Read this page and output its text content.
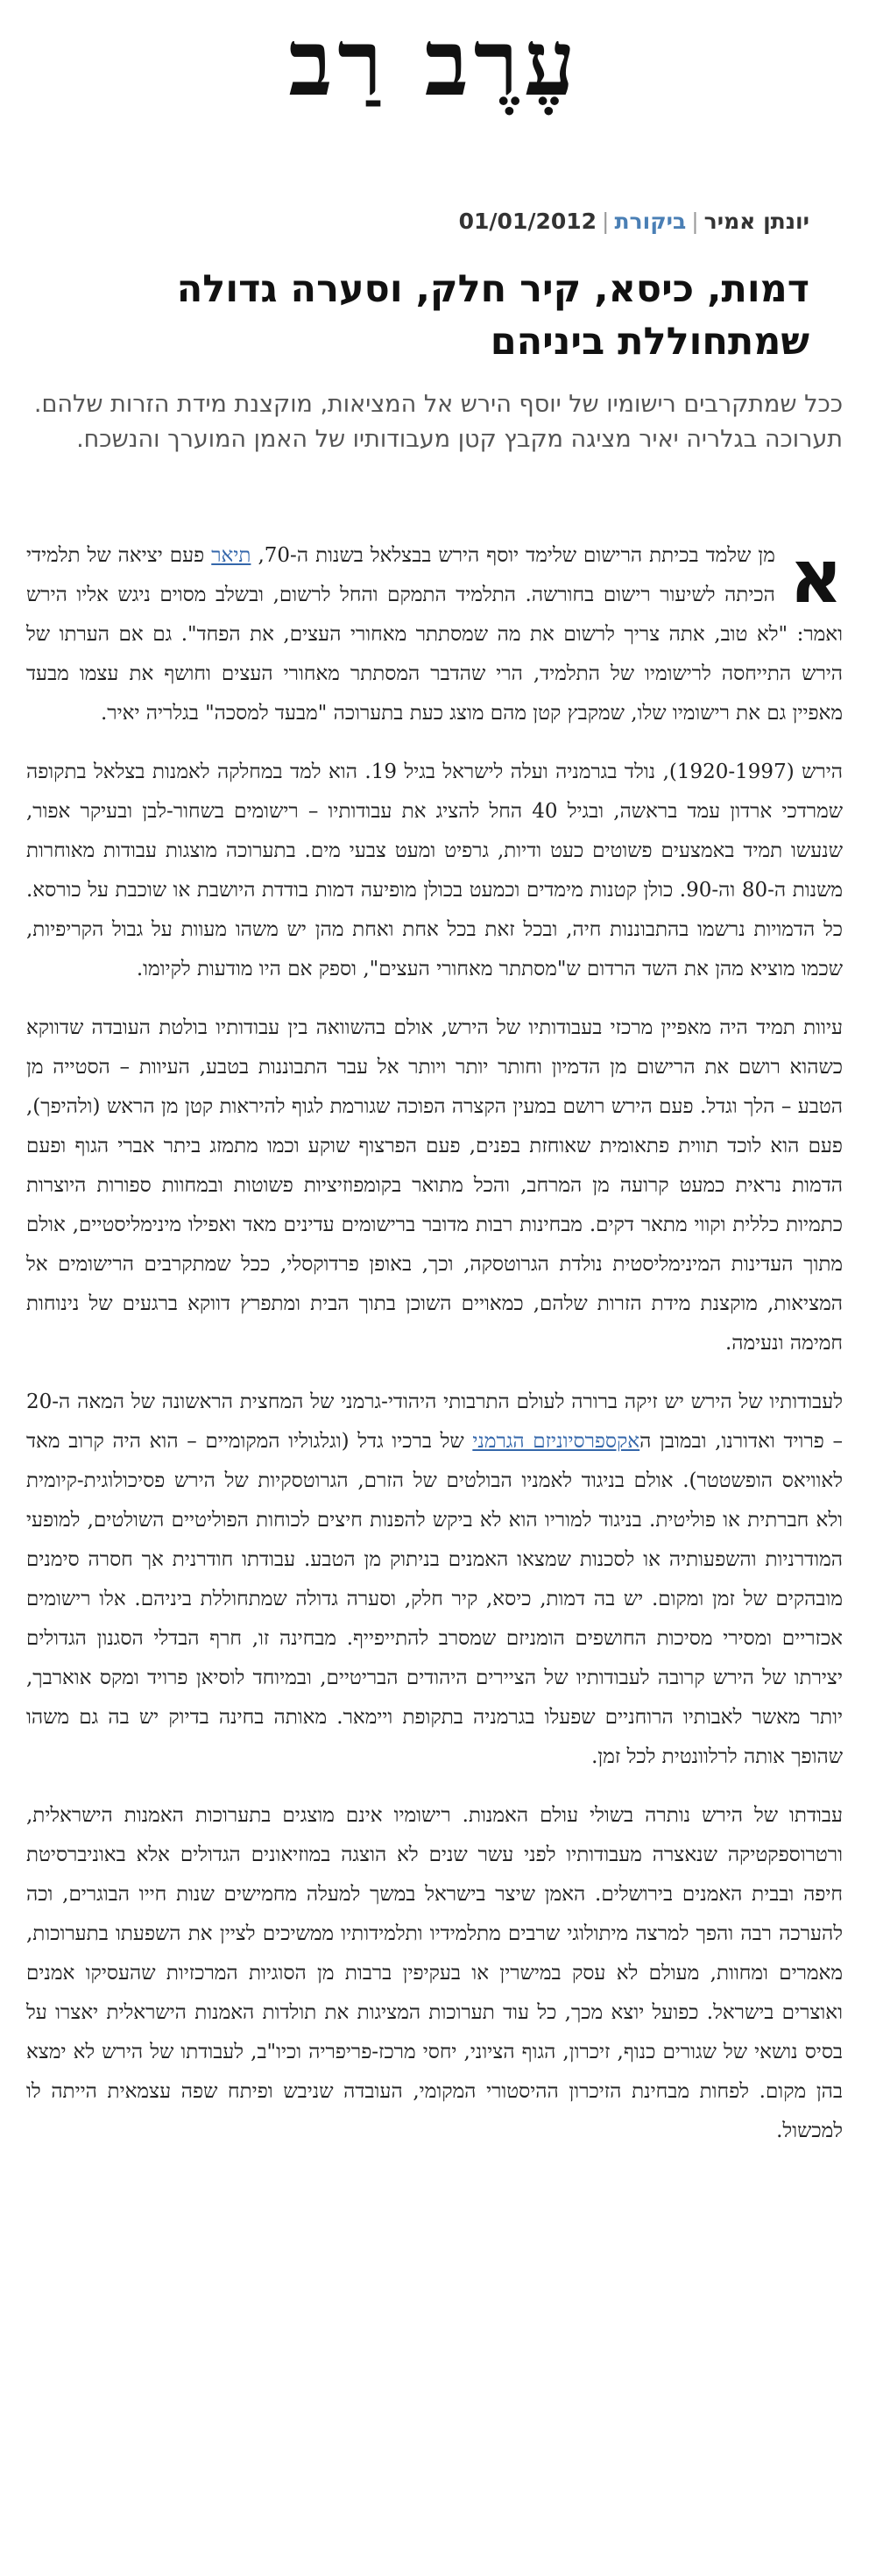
עֶרֶב רַב
יונתן אמיר|ביקורת|01/01/2012
דמות, כיסא, קיר חלק, וסערה גדולה שמתחוללת ביניהם

ככל שמתקרבים רישומיו של יוסף הירש אל המציאות, מוקצנת מידת הזרות שלהם. תערוכה בגלריה יאיר מציגה מקבץ קטן מעבודותיו של האמן המוערך והנשכח.

א
מן שלמד בכיתת הרישום שלימד יוסף הירש בבצלאל בשנות ה-70, תיאר פעם יציאה של תלמידי הכיתה לשיעור רישום בחורשה. התלמיד התמקם והחל לרשום, ובשלב מסוים ניגש אליו הירש ואמר: "לא טוב, אתה צריך לרשום את מה שמסתתר מאחורי העצים, את הפחד". גם אם הערתו של הירש התייחסה לרישומיו של התלמיד, הרי שהדבר המסתתר מאחורי העצים וחושף את עצמו מבעד מאפיין גם את רישומיו שלו, שמקבץ קטן מהם מוצג כעת בתערוכה "מבעד למסכה" בגלריה יאיר.

הירש (1920-1997), נולד בגרמניה ועלה לישראל בגיל 19. הוא למד במחלקה לאמנות בצלאל בתקופה שמרדכי ארדון עמד בראשה, ובגיל 40 החל להציג את עבודותיו – רישומים בשחור-לבן ובעיקר אפור, שנעשו תמיד באמצעים פשוטים כעט ודיות, גרפיט ומעט צבעי מים. בתערוכה מוצגות עבודות מאוחרות משנות ה-80 וה-90. כולן קטנות מימדים וכמעט בכולן מופיעה דמות בודדת היושבת או שוכבת על כורסא. כל הדמויות נרשמו בהתבוננות חיה, ובכל זאת בכל אחת ואחת מהן יש משהו מעוות על גבול הקריפיות, שכמו מוציא מהן את השד הרדום ש"מסתתר מאחורי העצים", וספק אם היו מודעות לקיומו.

עיוות תמיד היה מאפיין מרכזי בעבודותיו של הירש, אולם בהשוואה בין עבודותיו בולטת העובדה שדווקא כשהוא רושם את הרישום מן הדמיון וחותר יותר ויותר אל עבר התבוננות בטבע, העיוות – הסטייה מן הטבע – הלך וגדל. פעם הירש רושם במעין הקצרה הפוכה שגורמת לגוף להיראות קטן מן הראש (ולהיפך), פעם הוא לוכד תווית פתאומית שאוחזת בפנים, פעם הפרצוף שוקע וכמו מתמזג ביתר אברי הגוף ופעם הדמות נראית כמעט קרועה מן המרחב, והכל מתואר בקומפוזיציות פשוטות ובמחוות ספורות היוצרות כתמיות כללית וקווי מתאר דקים. מבחינות רבות מדובר ברישומים עדינים מאד ואפילו מינימליסטיים, אולם מתוך העדינות המינימליסטית נולדת הגרוטסקה, וכך, באופן פרדוקסלי, ככל שמתקרבים הרישומים אל המציאות, מוקצנת מידת הזרות שלהם, כמאויים השוכן בתוך הבית ומתפרץ דווקא ברגעים של נינוחות חמימה ונעימה.

לעבודותיו של הירש יש זיקה ברורה לעולם התרבותי היהודי-גרמני של המחצית הראשונה של המאה ה-20 – פרויד ואדורנו, ובמובן האקספרסיוניזם הגרמני של ברכיו גדל (וגלגוליו המקומיים – הוא היה קרוב מאד לאוויאס הופשטטר). אולם בניגוד לאמניו הבולטים של הזרם, הגרוטסקיות של הירש פסיכולוגית-קיומית ולא חברתית או פוליטית. בניגוד למוריו הוא לא ביקש להפנות חיצים לכוחות הפוליטיים השולטים, למופעי המודרניות והשפעותיה או לסכנות שמצאו האמנים בניתוק מן הטבע. עבודתו חודרנית אך חסרה סימנים מובהקים של זמן ומקום. יש בה דמות, כיסא, קיר חלק, וסערה גדולה שמתחוללת ביניהם. אלו רישומים אכזריים ומסירי מסיכות החושפים הומניזם שמסרב להתייפייף. מבחינה זו, חרף הבדלי הסגנון הגדולים יצירתו של הירש קרובה לעבודותיו של הציירים היהודים הבריטיים, ובמיוחד לוסיאן פרויד ומקס אוארבך, יותר מאשר לאבותיו הרוחניים שפעלו בגרמניה בתקופת ויימאר. מאותה בחינה בדיוק יש בה גם משהו שהופך אותה לרלוונטית לכל זמן.

עבודתו של הירש נותרה בשולי עולם האמנות. רישומיו אינם מוצגים בתערוכות האמנות הישראלית, ורטרוספקטיקה שנאצרה מעבודותיו לפני עשר שנים לא הוצגה במוזיאונים הגדולים אלא באוניברסיטת חיפה ובבית האמנים בירושלים. האמן שיצר בישראל במשך למעלה מחמישים שנות חייו הבוגרים, וכה להערכה רבה והפך למרצה מיתולוגי שרבים מתלמידיו ותלמידותיו ממשיכים לציין את השפעתו בתערוכות, מאמרים ומחוות, מעולם לא עסק במישרין או בעקיפין ברבות מן הסוגיות המרכזיות שהעסיקו אמנים ואוצרים בישראל. כפועל יוצא מכך, כל עוד תערוכות המציגות את תולדות האמנות הישראלית יאצרו על בסיס נושאי של שגורים כנוף, זיכרון, הגוף הציוני, יחסי מרכז-פריפריה וכיו"ב, לעבודתו של הירש לא ימצא בהן מקום. לפחות מבחינת הזיכרון ההיסטורי המקומי, העובדה שניבש ופיתח שפה עצמאית הייתה לו למכשול.
